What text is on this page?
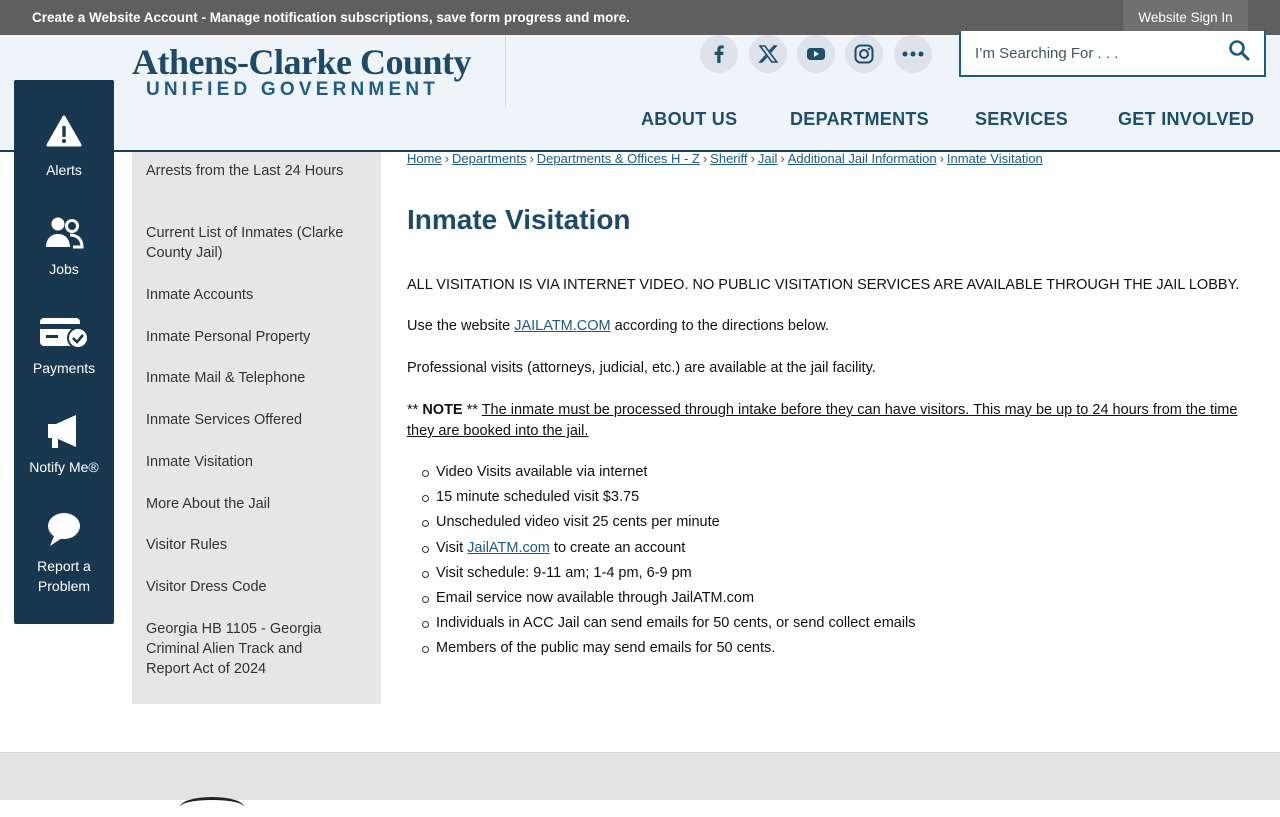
Create a Website Account - Manage notification subscriptions, save form progress and more.	Website Sign In
Athens-Clarke County
UNIFIED GOVERNMENT
I’m Searching For . . .
ABOUT US	DEPARTMENTS	SERVICES	GET INVOLVED
Alerts
Jobs
Payments
Notify Me®
Report a Problem
Arrests from the Last 24 Hours
Current List of Inmates (Clarke County Jail)
Inmate Accounts
Inmate Personal Property
Inmate Mail & Telephone
Inmate Services Offered
Inmate Visitation
More About the Jail
Visitor Rules
Visitor Dress Code
Georgia HB 1105 - Georgia Criminal Alien Track and Report Act of 2024
Home › Departments › Departments & Offices H - Z › Sheriff › Jail › Additional Jail Information › Inmate Visitation
Inmate Visitation
ALL VISITATION IS VIA INTERNET VIDEO. NO PUBLIC VISITATION SERVICES ARE AVAILABLE THROUGH THE JAIL LOBBY.
Use the website JAILATM.COM according to the directions below.
Professional visits (attorneys, judicial, etc.) are available at the jail facility.
** NOTE ** The inmate must be processed through intake before they can have visitors. This may be up to 24 hours from the time they are booked into the jail.
Video Visits available via internet
15 minute scheduled visit $3.75
Unscheduled video visit 25 cents per minute
Visit JailATM.com to create an account
Visit schedule: 9-11 am; 1-4 pm, 6-9 pm
Email service now available through JailATM.com
Individuals in ACC Jail can send emails for 50 cents, or send collect emails
Members of the public may send emails for 50 cents.
